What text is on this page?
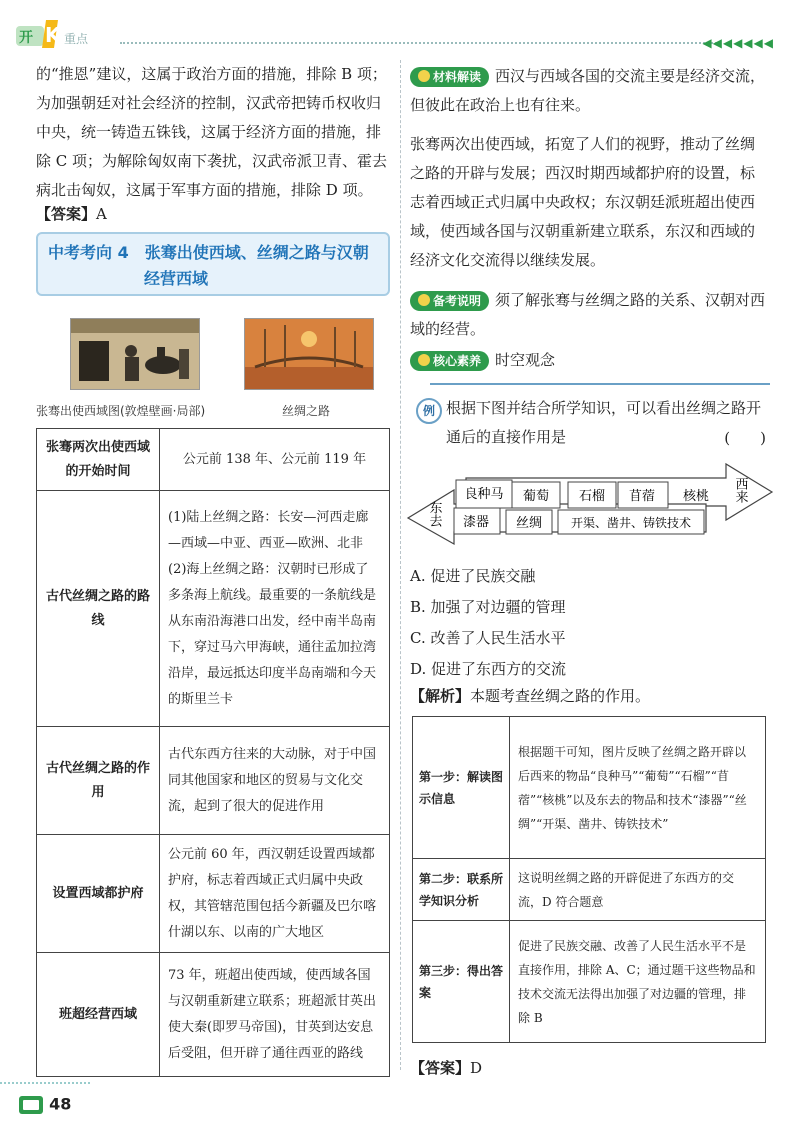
开 K 重点	◀◀◀◀◀◀◀
的“推恩”建议，这属于政治方面的措施，排除 B 项；为加强朝廷对社会经济的控制，汉武帝把铸币权收归中央，统一铸造五铢钱，这属于经济方面的措施，排除 C 项；为解除匈奴南下袭扰，汉武帝派卫青、霍去病北击匈奴，这属于军事方面的措施，排除 D 项。
【答案】A
中考考向 4　张骞出使西域、丝绸之路与汉朝
经营西域
张骞出使西域图(敦煌壁画·局部)	丝绸之路
张骞两次出使西域的开始时间	公元前 138 年、公元前 119 年
古代丝绸之路的路线	(1)陆上丝绸之路：长安—河西走廊—西域—中亚、西亚—欧洲、北非
(2)海上丝绸之路：汉朝时已形成了多条海上航线。最重要的一条航线是从东南沿海港口出发，经中南半岛南下，穿过马六甲海峡，通往孟加拉湾沿岸，最远抵达印度半岛南端和今天的斯里兰卡
古代丝绸之路的作用	古代东西方往来的大动脉，对于中国同其他国家和地区的贸易与文化交流，起到了很大的促进作用
设置西域都护府	公元前 60 年，西汉朝廷设置西域都护府，标志着西域正式归属中央政权，其管辖范围包括今新疆及巴尔喀什湖以东、以南的广大地区
班超经营西域	73 年，班超出使西域，使西域各国与汉朝重新建立联系；班超派甘英出使大秦(即罗马帝国)，甘英到达安息后受阻，但开辟了通往西亚的路线
材料解读 西汉与西域各国的交流主要是经济交流，但彼此在政治上也有往来。
张骞两次出使西域，拓宽了人们的视野，推动了丝绸之路的开辟与发展；西汉时期西域都护府的设置，标志着西域正式归属中央政权；东汉朝廷派班超出使西域，使西域各国与汉朝重新建立联系，东汉和西域的经济文化交流得以继续发展。
备考说明 须了解张骞与丝绸之路的关系、汉朝对西域的经营。
核心素养 时空观念
例 根据下图并结合所学知识，可以看出丝绸之路开通后的直接作用是	(　　)
良种马 葡萄 石榴 苜蓿 核桃 西来
漆器 丝绸 开渠、凿井、铸铁技术
东去
A. 促进了民族交融
B. 加强了对边疆的管理
C. 改善了人民生活水平
D. 促进了东西方的交流
【解析】本题考查丝绸之路的作用。
第一步：解读图示信息	根据题干可知，图片反映了丝绸之路开辟以后西来的物品“良种马”“葡萄”“石榴”“苜蓿”“核桃”以及东去的物品和技术“漆器”“丝绸”“开渠、凿井、铸铁技术”
第二步：联系所学知识分析	这说明丝绸之路的开辟促进了东西方的交流，D 符合题意
第三步：得出答案	促进了民族交融、改善了人民生活水平不是直接作用，排除 A、C；通过题干这些物品和技术交流无法得出加强了对边疆的管理，排除 B
【答案】D
48
